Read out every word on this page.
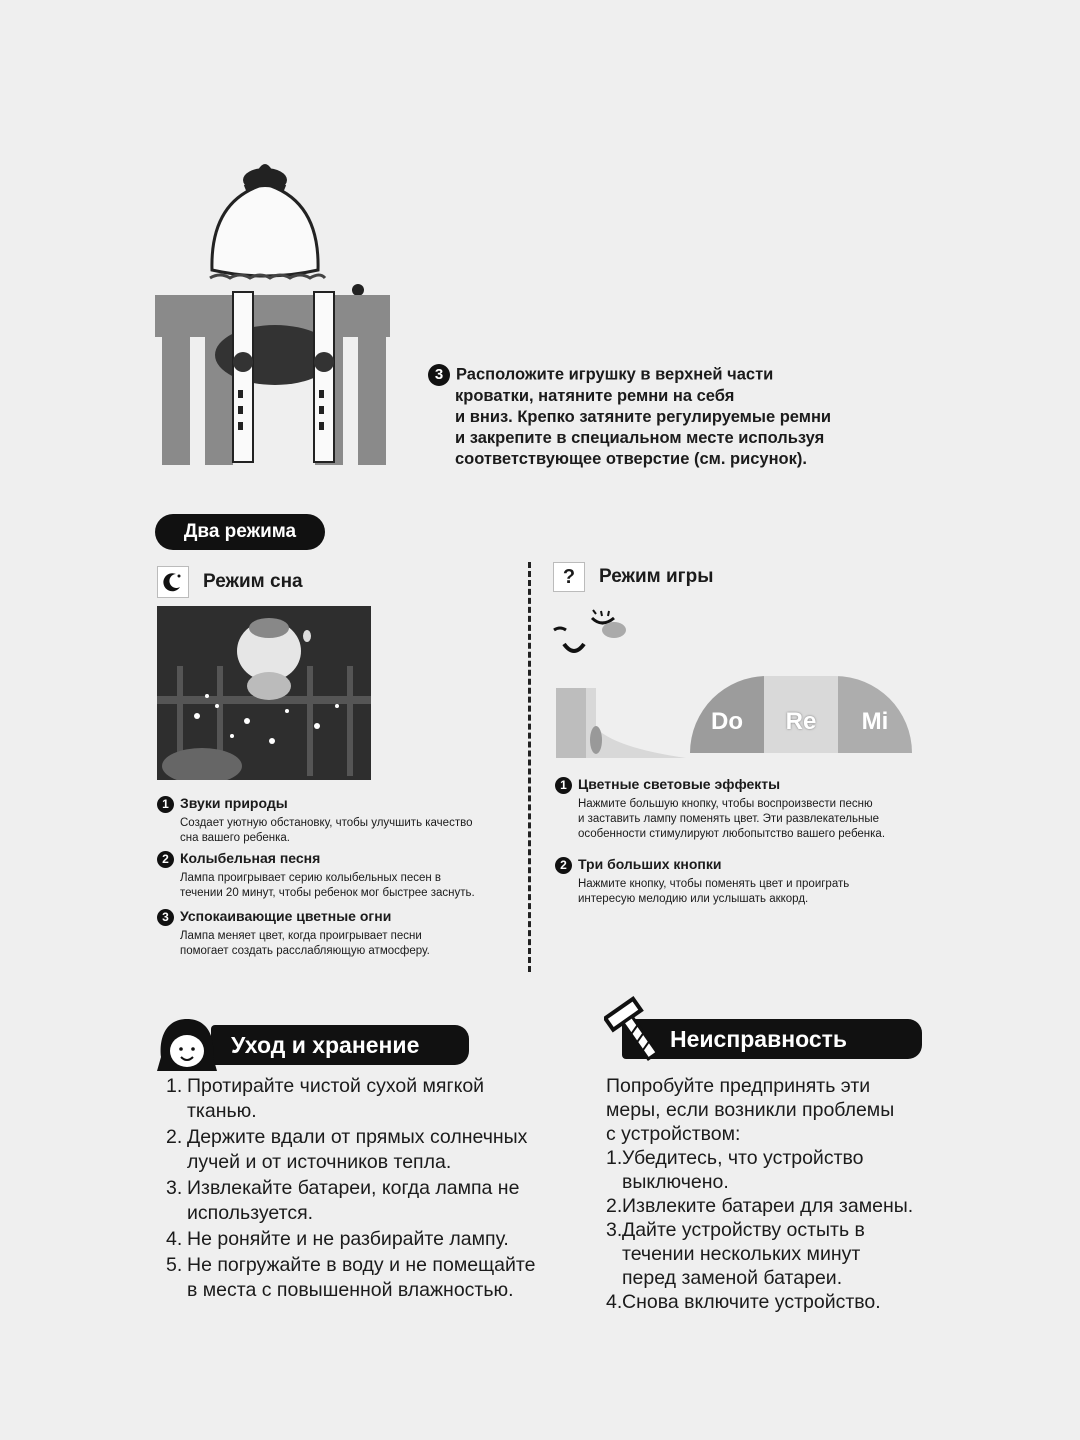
3 Расположите игрушку в верхней части

кроватки, натяните ремни на себя

и вниз. Крепко затяните регулируемые ремни

и закрепите в специальном месте используя

соответствующее отверстие (см. рисунок).

Два режима
Режим сна
1 Звуки природы
Создает уютную обстановку, чтобы улучшить качество
сна вашего ребенка.
2 Колыбельная песня
Лампа проигрывает серию колыбельных песен в
течении 20 минут, чтобы ребенок мог быстрее заснуть.
3 Успокаивающие цветные огни
Лампа меняет цвет, когда проигрывает песни
помогает создать расслабляющую атмосферу.
?	Режим игры
Do	Re	Mi
1 Цветные световые эффекты
Нажмите большую кнопку, чтобы воспроизвести песню
и заставить лампу поменять цвет. Эти развлекательные
особенности стимулируют любопытство вашего ребенка.
2 Три больших кнопки
Нажмите кнопку, чтобы поменять цвет и проиграть
интересую мелодию или услышать аккорд.
Уход и хранение
1. Протирайте чистой сухой мягкой
тканью.
2. Держите вдали от прямых солнечных
лучей и от источников тепла.
3. Извлекайте батареи, когда лампа не
используется.
4. Не роняйте и не разбирайте лампу.
5. Не погружайте в воду и не помещайте
в места с повышенной влажностью.
Неисправность
Попробуйте предпринять эти
меры, если возникли проблемы
с устройством:
1. Убедитесь, что устройство
выключено.
2. Извлеките батареи для замены.
3. Дайте устройству остыть в
течении нескольких минут
перед заменой батареи.
4. Снова включите устройство.
